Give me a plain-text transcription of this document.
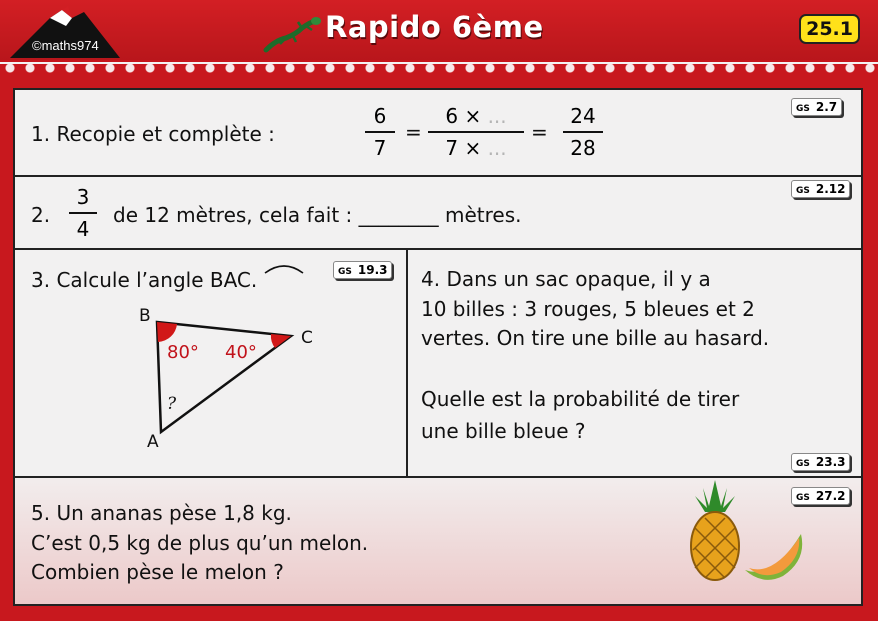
©maths974
Rapido 6ème	25.1
1. Recopie et complète :
6
7
=
6 × ...
7 × ...
=
24
28
GS 2.7
2.
3
4
de 12 mètres, cela fait : ________ mètres.
GS 2.12
3. Calcule l’angle BAC.	GS 19.3
B
C
A
80° 40°
?
4. Dans un sac opaque, il y a
10 billes : 3 rouges, 5 bleues et 2
vertes. On tire une bille au hasard.
Quelle est la probabilité de tirer
une bille bleue ?
GS 23.3
5. Un ananas pèse 1,8 kg.
C’est 0,5 kg de plus qu’un melon.
Combien pèse le melon ?
GS 27.2
